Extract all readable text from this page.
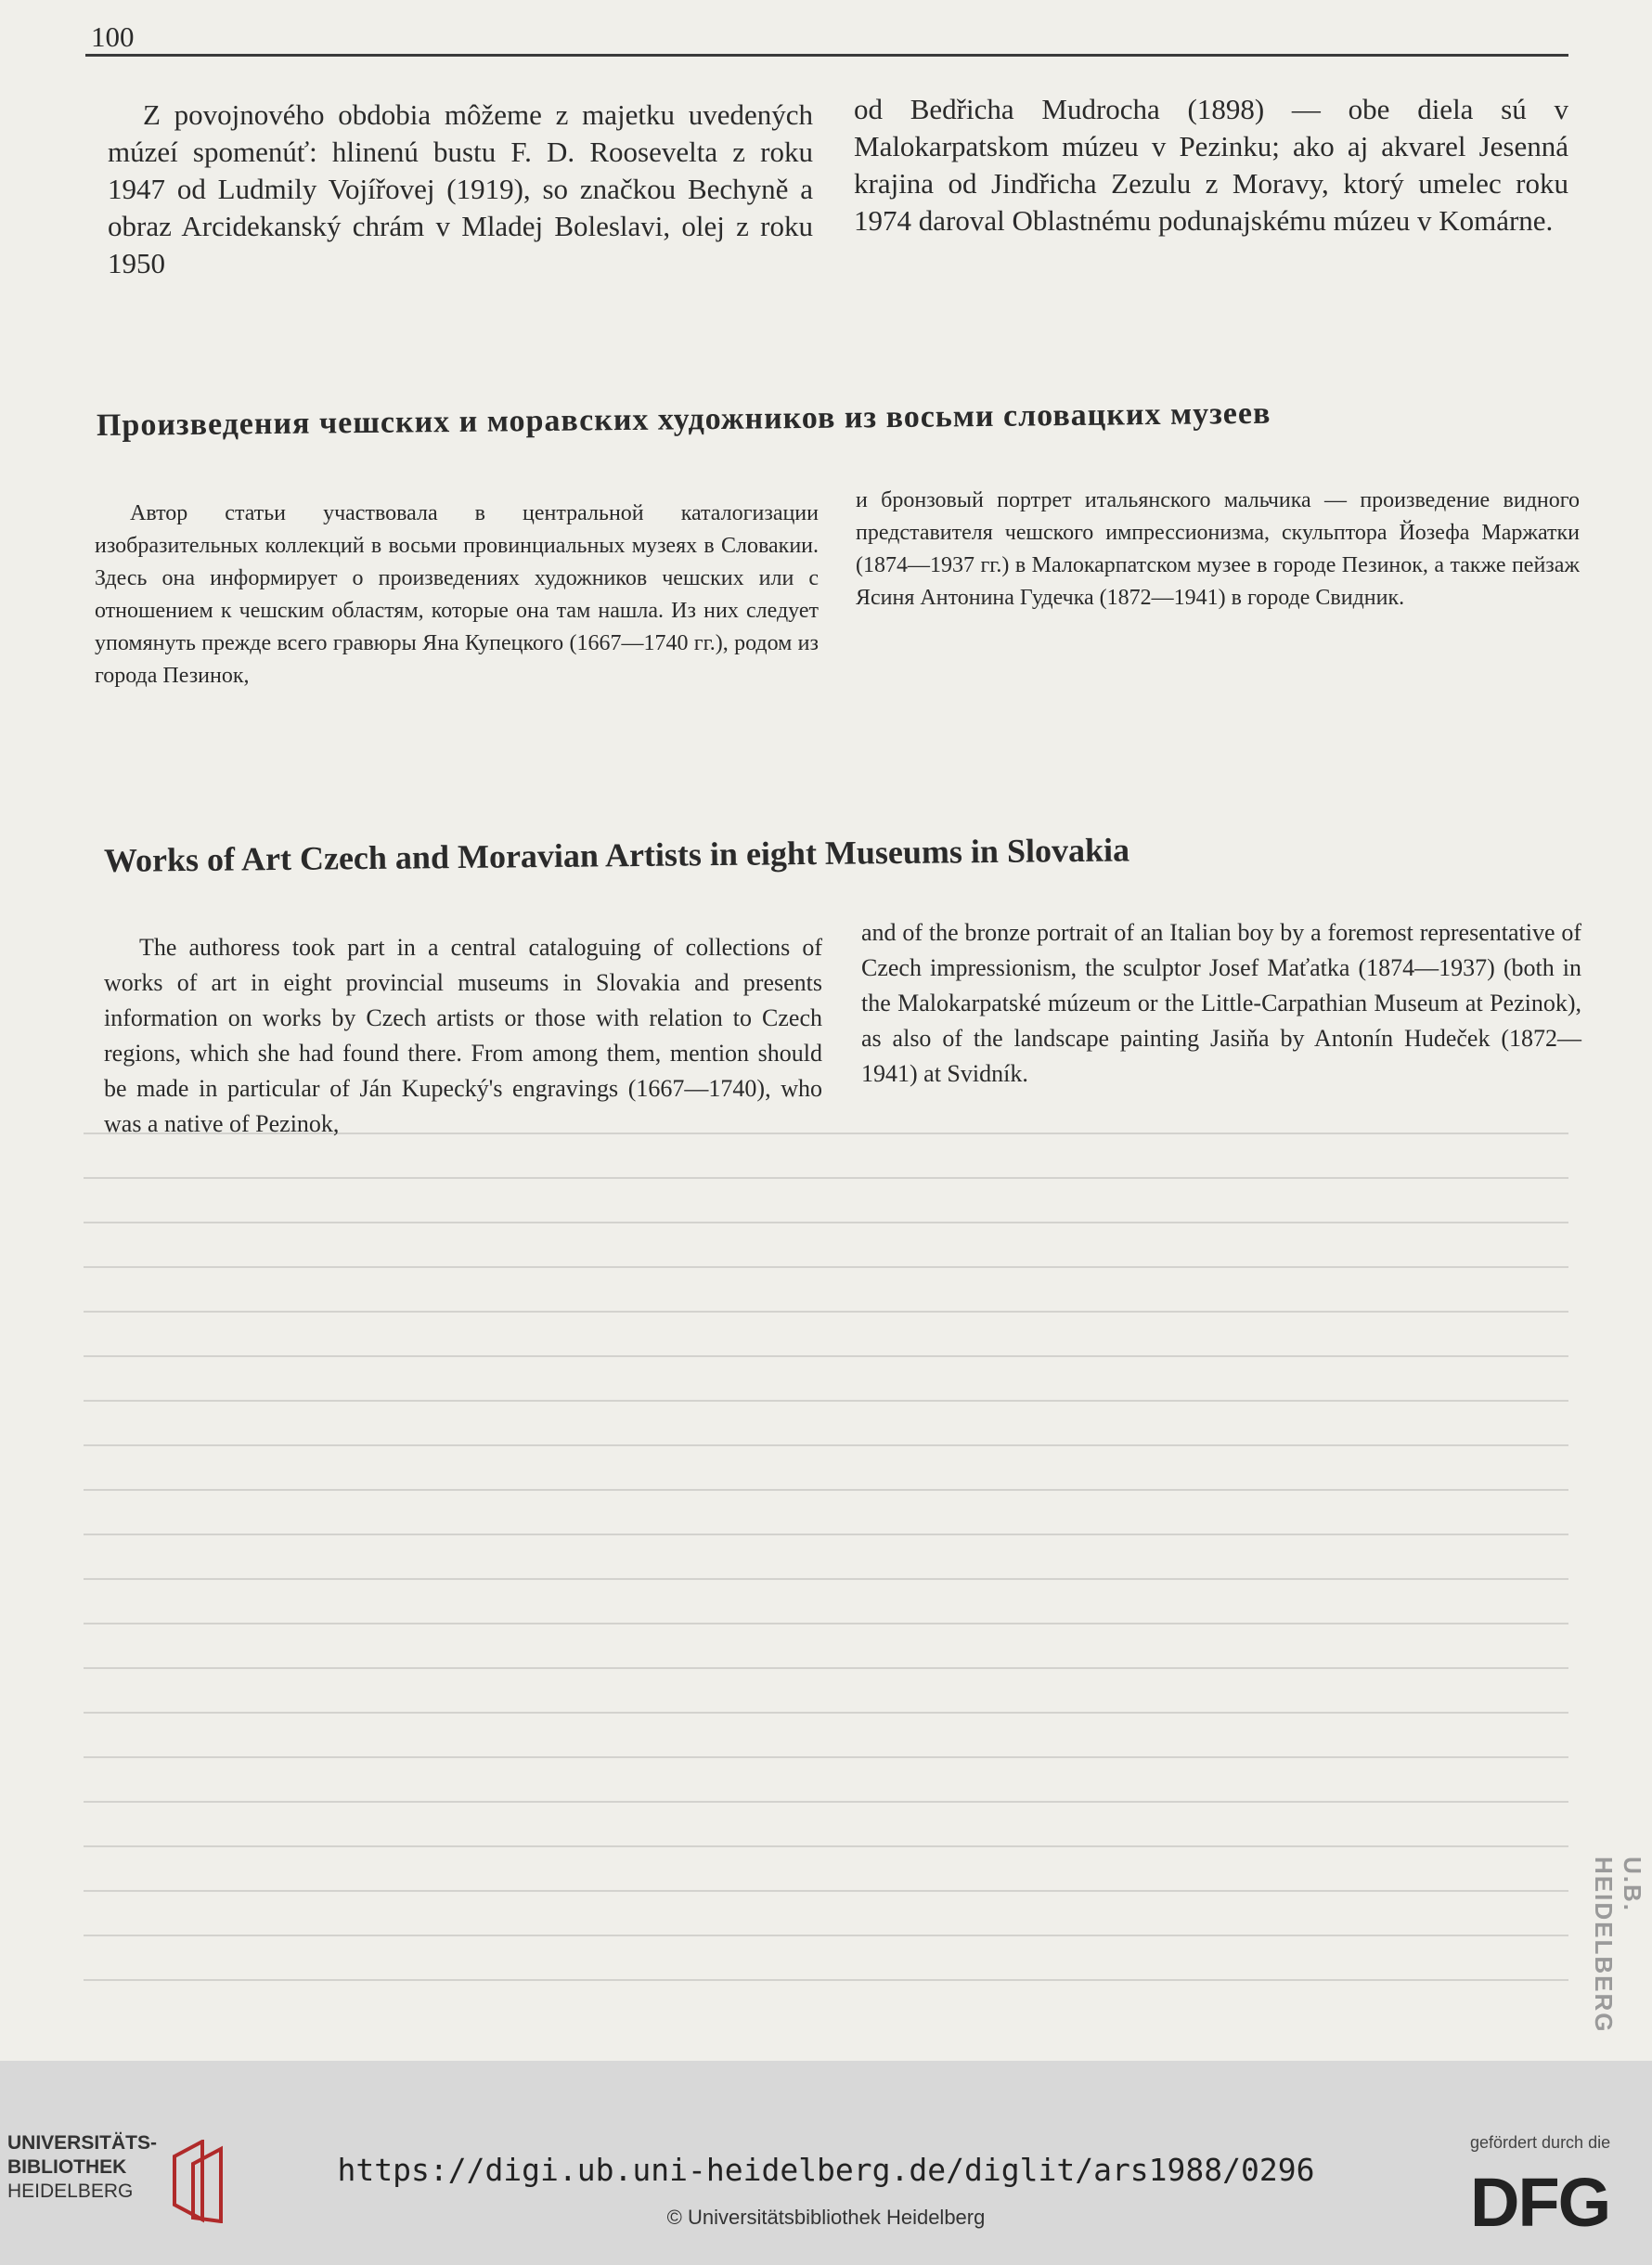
100

Z povojnového obdobia môžeme z majetku uvedených múzeí spomenúť: hlinenú bustu F. D. Roosevelta z roku 1947 od Ludmily Vojířovej (1919), so značkou Bechyně a obraz Arcidekanský chrám v Mladej Boleslavi, olej z roku 1950

od Bedřicha Mudrocha (1898) — obe diela sú v Malokarpatskom múzeu v Pezinku; ako aj akvarel Jesenná krajina od Jindřicha Zezulu z Moravy, ktorý umelec roku 1974 daroval Oblastnému podunajskému múzeu v Komárne.

Произведения чешских и моравских художников из восьми словацких музеев

Автор статьи участвовала в центральной каталогизации изобразительных коллекций в восьми провинциальных музеях в Словакии. Здесь она информирует о произведениях художников чешских или с отношением к чешским областям, которые она там нашла. Из них следует упомянуть прежде всего гравюры Яна Купецкого (1667—1740 гг.), родом из города Пезинок,

и бронзовый портрет итальянского мальчика — произведение видного представителя чешского импрессионизма, скульптора Йозефа Маржатки (1874—1937 гг.) в Малокарпатском музее в городе Пезинок, а также пейзаж Ясиня Антонина Гудечка (1872—1941) в городе Свидник.

Works of Art Czech and Moravian Artists in eight Museums in Slovakia

The authoress took part in a central cataloguing of collections of works of art in eight provincial museums in Slovakia and presents information on works by Czech artists or those with relation to Czech regions, which she had found there. From among them, mention should be made in particular of Ján Kupecký's engravings (1667—1740), who was a native of Pezinok,

and of the bronze portrait of an Italian boy by a foremost representative of Czech impressionism, the sculptor Josef Maťatka (1874—1937) (both in the Malokarpatské múzeum or the Little-Carpathian Museum at Pezinok), as also of the landscape painting Jasiňa by Antonín Hudeček (1872—1941) at Svidník.

U.B. HEIDELBERG
UNIVERSITÄTS-
BIBLIOTHEK
HEIDELBERG
https://digi.ub.uni-heidelberg.de/diglit/ars1988/0296
© Universitätsbibliothek Heidelberg
gefördert durch die
DFG
